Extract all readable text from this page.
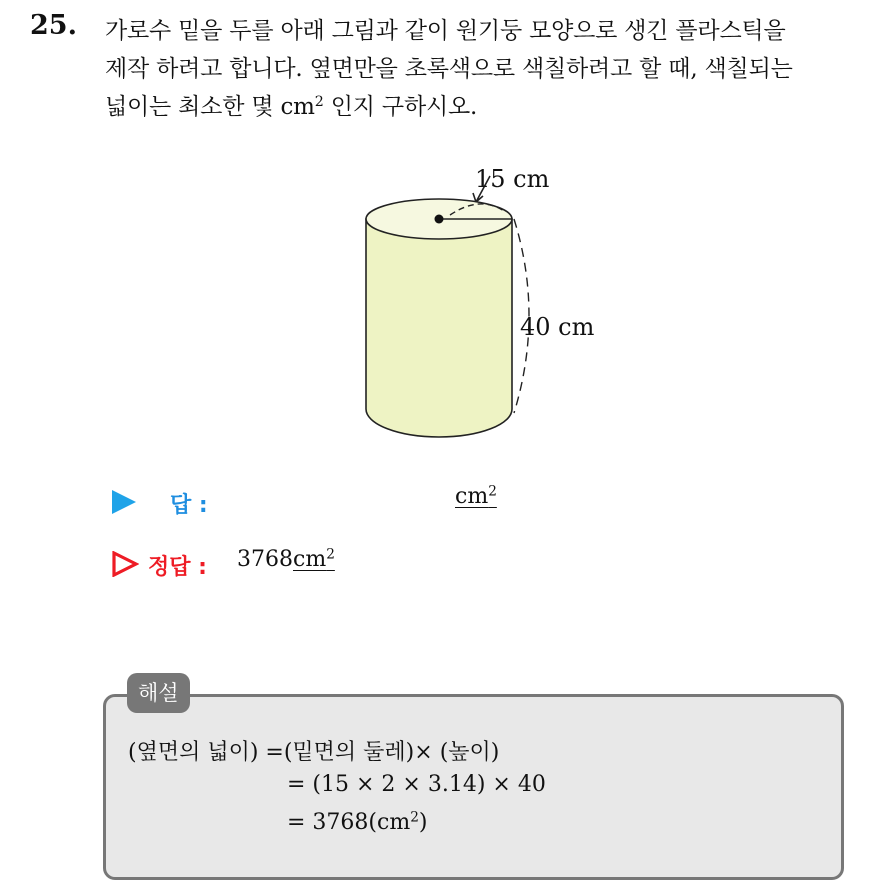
25. 가로수 밑을 두를 아래 그림과 같이 원기둥 모양으로 생긴 플라스틱을
제작 하려고 합니다. 옆면만을 초록색으로 색칠하려고 할 때, 색칠되는
넓이는 최소한 몇 $cm^2$ 인지 구하시오.
15 cm
40 cm
답 :	$cm^2$
정답 : $3768cm^2$
해설
(옆면의 넓이) =(밑면의 둘레)× (높이)
= (15 × 2 × 3.14) × 40
= $3768(cm^2)$
